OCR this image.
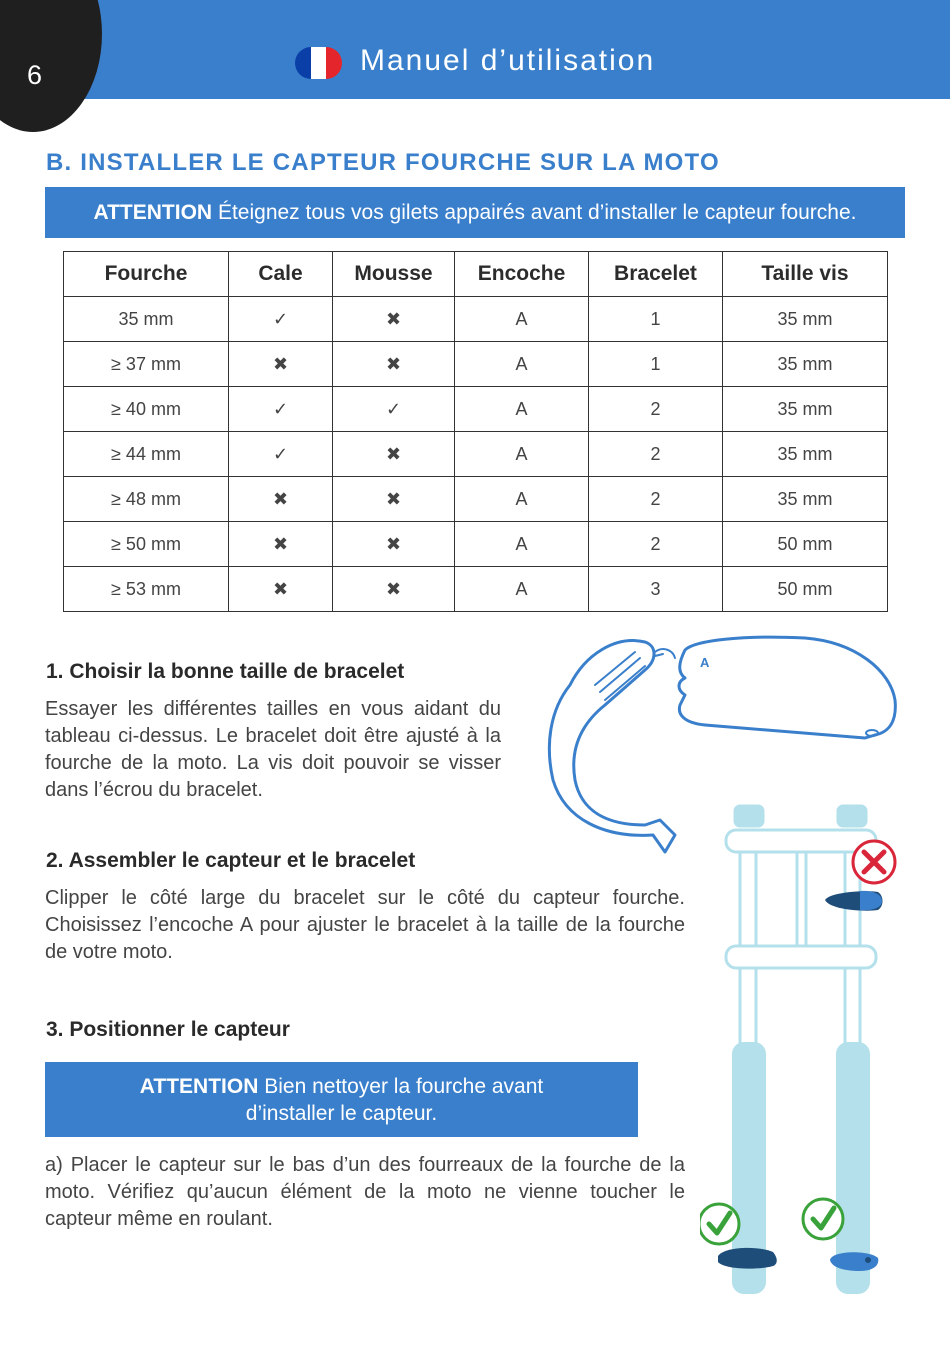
6	Manuel d’utilisation
B. INSTALLER LE CAPTEUR FOURCHE SUR LA MOTO
ATTENTION Éteignez tous vos gilets appairés avant d’installer le capteur fourche.
Fourche	Cale	Mousse	Encoche	Bracelet	Taille vis
35 mm	✓	✖	A	1	35 mm
≥ 37 mm	✖	✖	A	1	35 mm
≥ 40 mm	✓	✓	A	2	35 mm
≥ 44 mm	✓	✖	A	2	35 mm
≥ 48 mm	✖	✖	A	2	35 mm
≥ 50 mm	✖	✖	A	2	50 mm
≥ 53 mm	✖	✖	A	3	50 mm
1. Choisir la bonne taille de bracelet

Essayer les différentes tailles en vous aidant du tableau ci-dessus. Le bracelet doit être ajusté à la fourche de la moto. La vis doit pouvoir se visser dans l’écrou du bracelet.

2. Assembler le capteur et le bracelet

Clipper le côté large du bracelet sur le côté du capteur fourche. Choisissez l’encoche A pour ajuster le bracelet à la taille de la fourche de votre moto.

3. Positionner le capteur
ATTENTION Bien nettoyer la fourche avant d’installer le capteur.

a) Placer le capteur sur le bas d’un des fourreaux de la fourche de la moto. Vérifiez qu’aucun élément de la moto ne vienne toucher le capteur même en roulant.

A
